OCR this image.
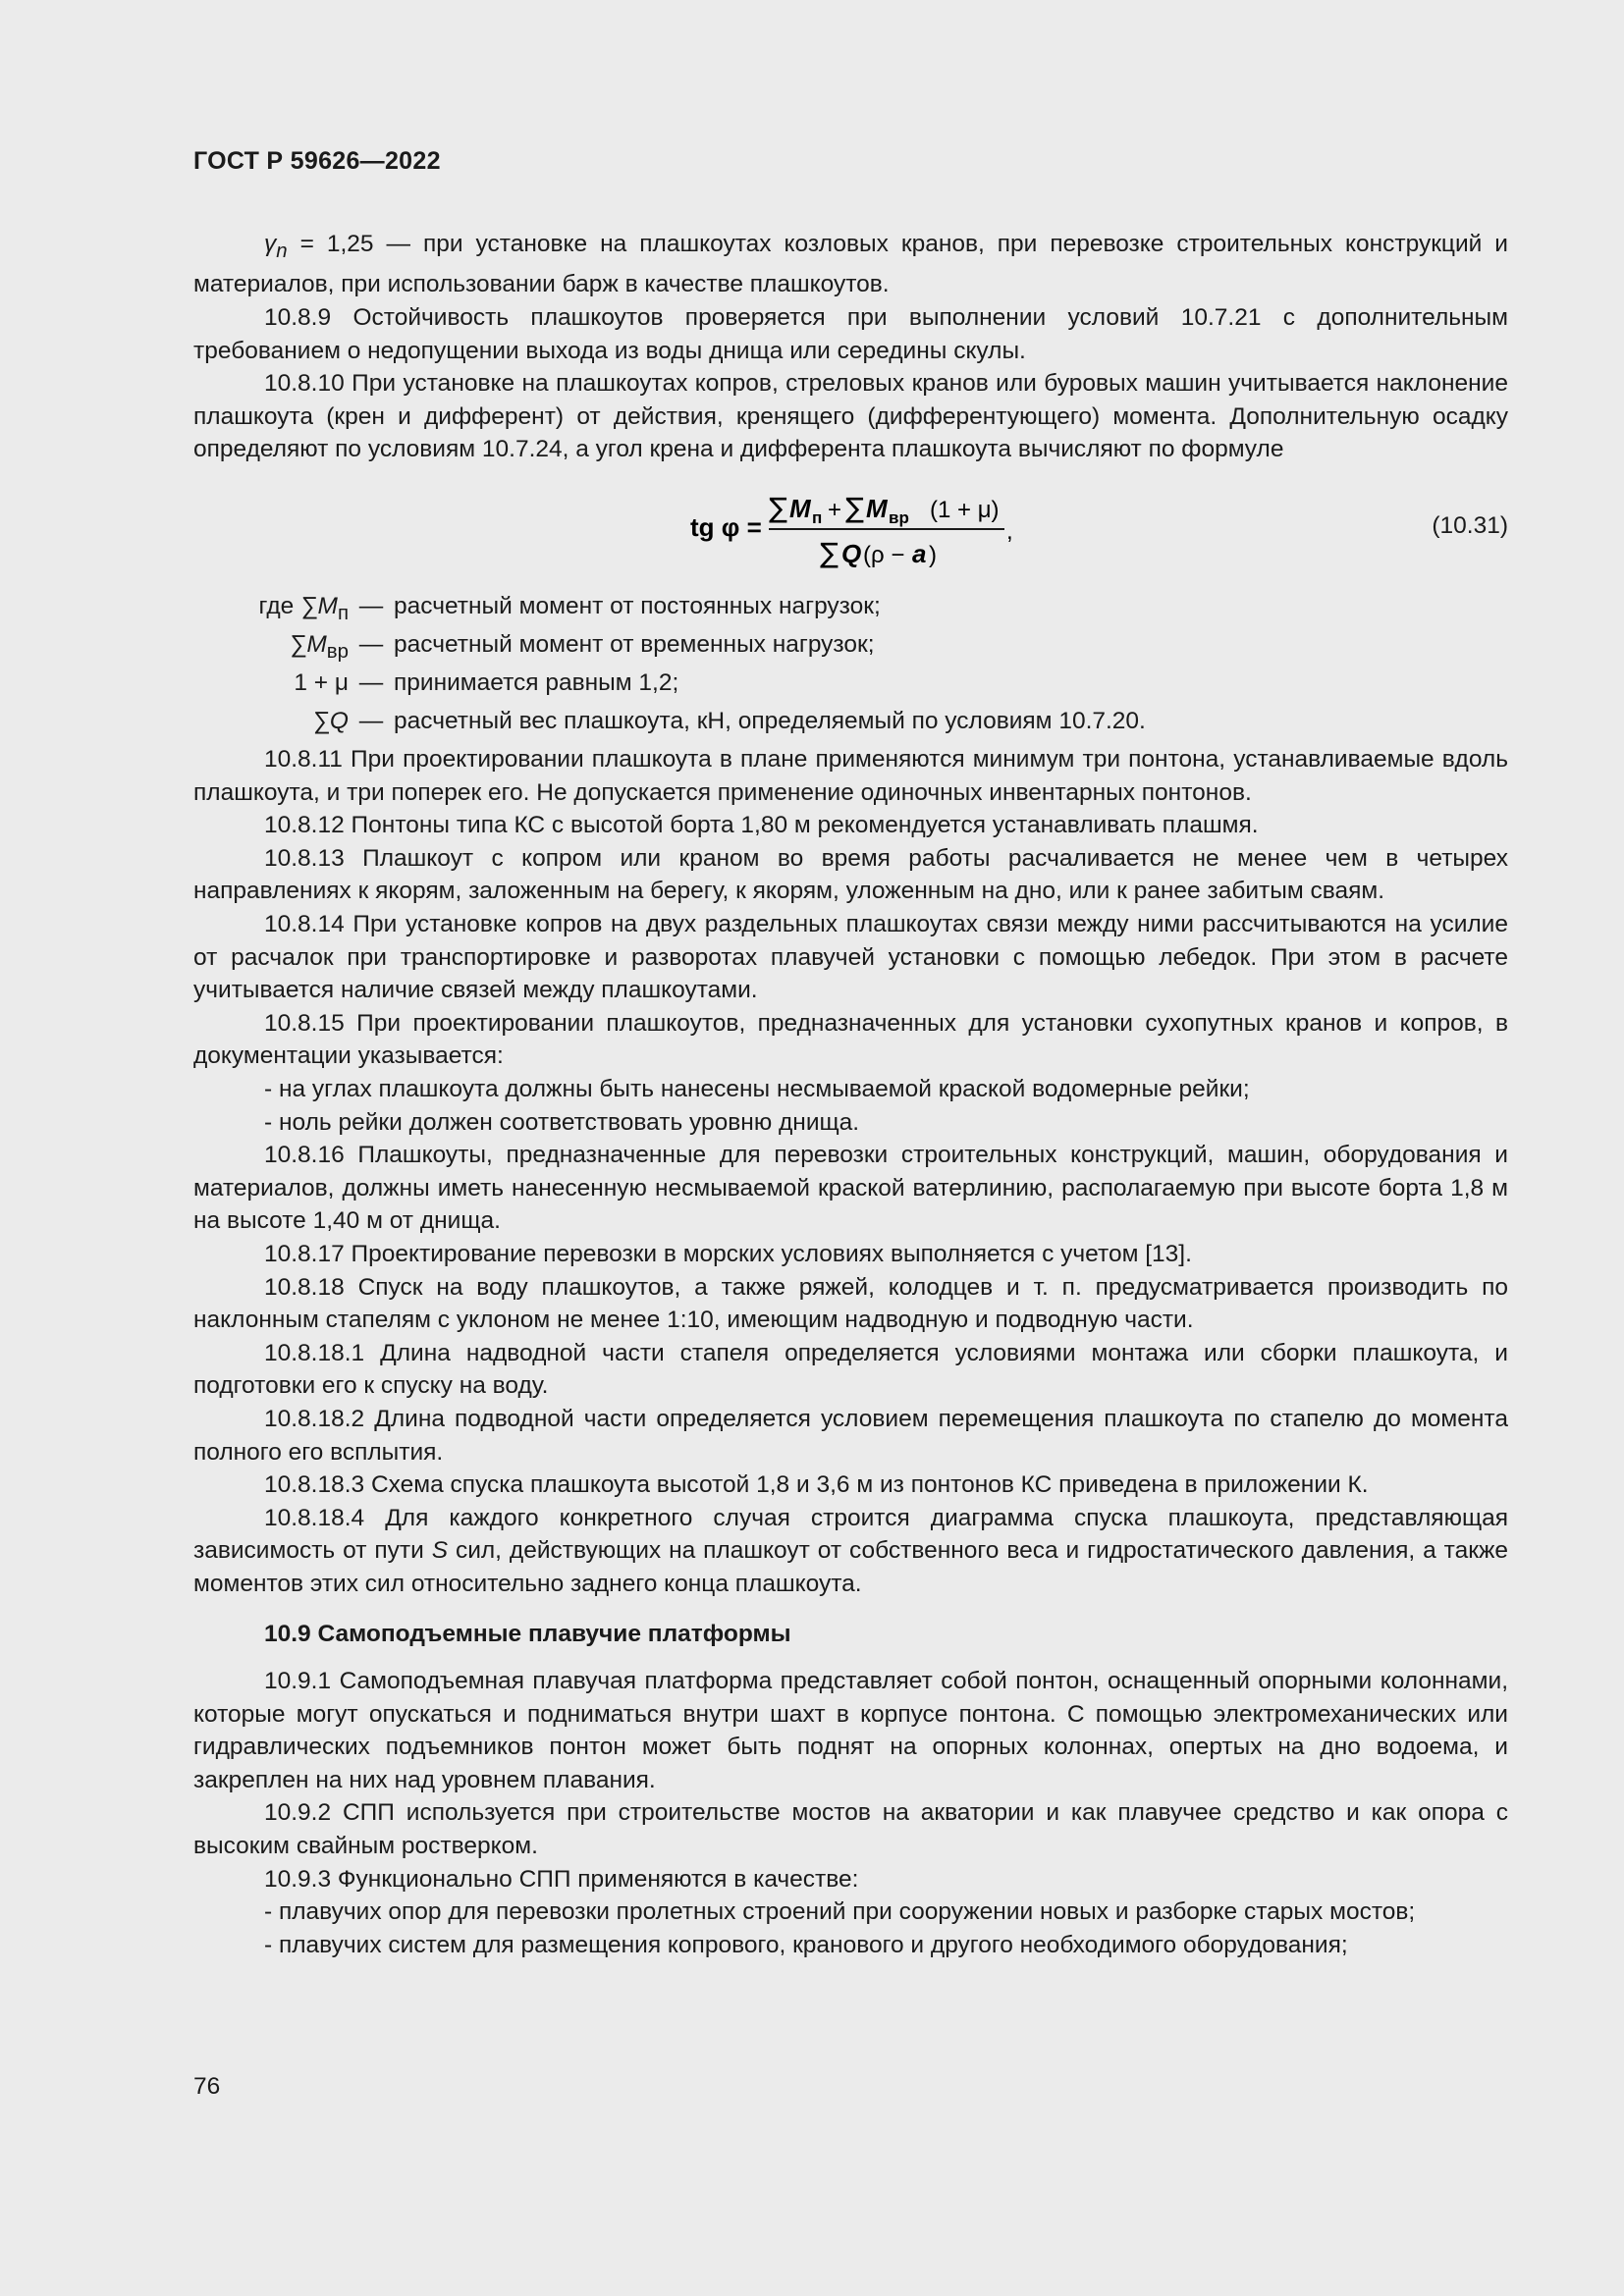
ГОСТ Р 59626—2022

$\gamma_n = 1,25$ — при установке на плашкоутах козловых кранов, при перевозке строительных конструкций и материалов, при использовании барж в качестве плашкоутов.

10.8.9 Остойчивость плашкоутов проверяется при выполнении условий 10.7.21 с дополнительным требованием о недопущении выхода из воды днища или середины скулы.

10.8.10 При установке на плашкоутах копров, стреловых кранов или буровых машин учитывается наклонение плашкоута (крен и дифферент) от действия, кренящего (дифферентующего) момента. Дополнительную осадку определяют по условиям 10.7.24, а угол крена и дифферента плашкоута вычисляют по формуле

tg φ =
∑ M п + ∑ M вр (1 + μ)
∑ Q (ρ − a )
,	(10.31)
где $\sum M_п$ — расчетный момент от постоянных нагрузок;
$\sum M_{вр}$ — расчетный момент от временных нагрузок;
1 + μ — принимается равным 1,2;
∑Q — расчетный вес плашкоута, кН, определяемый по условиям 10.7.20.

10.8.11 При проектировании плашкоута в плане применяются минимум три понтона, устанавливаемые вдоль плашкоута, и три поперек его. Не допускается применение одиночных инвентарных понтонов.

10.8.12 Понтоны типа КС с высотой борта 1,80 м рекомендуется устанавливать плашмя.

10.8.13 Плашкоут с копром или краном во время работы расчаливается не менее чем в четырех направлениях к якорям, заложенным на берегу, к якорям, уложенным на дно, или к ранее забитым сваям.

10.8.14 При установке копров на двух раздельных плашкоутах связи между ними рассчитываются на усилие от расчалок при транспортировке и разворотах плавучей установки с помощью лебедок. При этом в расчете учитывается наличие связей между плашкоутами.

10.8.15 При проектировании плашкоутов, предназначенных для установки сухопутных кранов и копров, в документации указывается:

- на углах плашкоута должны быть нанесены несмываемой краской водомерные рейки;

- ноль рейки должен соответствовать уровню днища.

10.8.16 Плашкоуты, предназначенные для перевозки строительных конструкций, машин, оборудования и материалов, должны иметь нанесенную несмываемой краской ватерлинию, располагаемую при высоте борта 1,8 м на высоте 1,40 м от днища.

10.8.17 Проектирование перевозки в морских условиях выполняется с учетом [13].

10.8.18 Спуск на воду плашкоутов, а также ряжей, колодцев и т. п. предусматривается производить по наклонным стапелям с уклоном не менее 1:10, имеющим надводную и подводную части.

10.8.18.1 Длина надводной части стапеля определяется условиями монтажа или сборки плашкоута, и подготовки его к спуску на воду.

10.8.18.2 Длина подводной части определяется условием перемещения плашкоута по стапелю до момента полного его всплытия.

10.8.18.3 Схема спуска плашкоута высотой 1,8 и 3,6 м из понтонов КС приведена в приложении К.

10.8.18.4 Для каждого конкретного случая строится диаграмма спуска плашкоута, представляющая зависимость от пути S сил, действующих на плашкоут от собственного веса и гидростатического давления, а также моментов этих сил относительно заднего конца плашкоута.

10.9 Самоподъемные плавучие платформы

10.9.1 Самоподъемная плавучая платформа представляет собой понтон, оснащенный опорными колоннами, которые могут опускаться и подниматься внутри шахт в корпусе понтона. С помощью электромеханических или гидравлических подъемников понтон может быть поднят на опорных колоннах, опертых на дно водоема, и закреплен на них над уровнем плавания.

10.9.2 СПП используется при строительстве мостов на акватории и как плавучее средство и как опора с высоким свайным ростверком.

10.9.3 Функционально СПП применяются в качестве:

- плавучих опор для перевозки пролетных строений при сооружении новых и разборке старых мостов;

- плавучих систем для размещения копрового, кранового и другого необходимого оборудования;

76
